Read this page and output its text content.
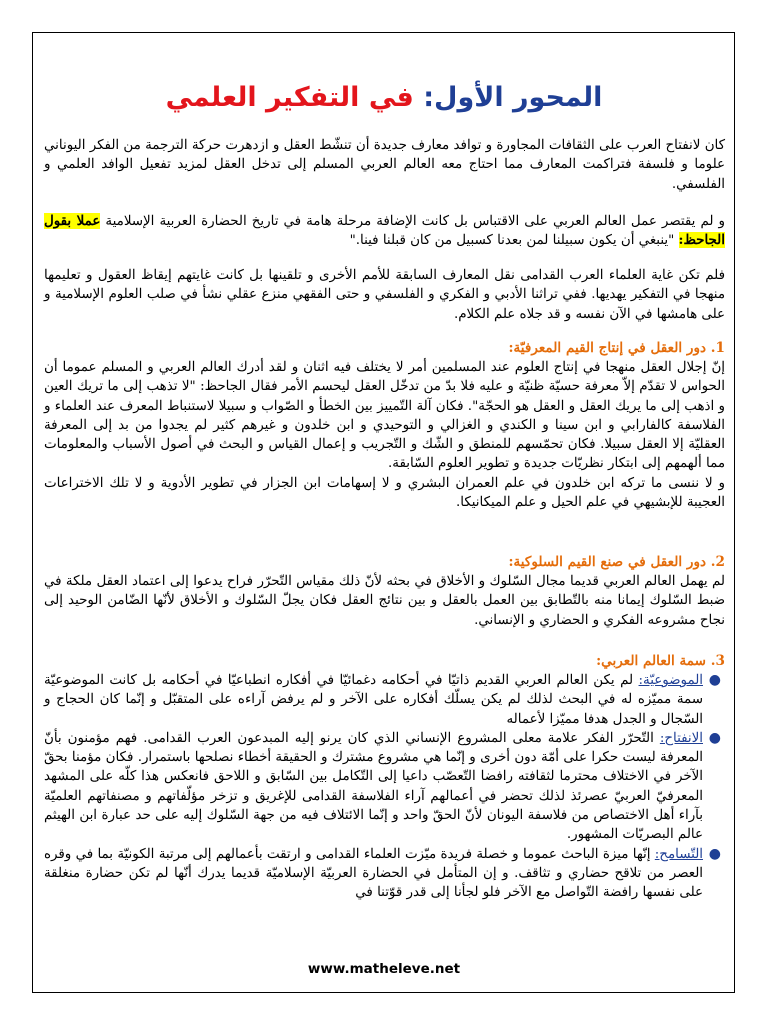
المحور الأول: في التفكير العلمي

كان لانفتاح العرب على الثقافات المجاورة و توافد معارف جديدة أن تنشّط العقل و ازدهرت حركة الترجمة من الفكر اليوناني علوما و فلسفة فتراكمت المعارف مما احتاج معه العالم العربي المسلم إلى تدخل العقل لمزيد تفعيل الوافد العلمي و الفلسفي.

و لم يقتصر عمل العالم العربي على الاقتباس بل كانت الإضافة مرحلة هامة في تاريخ الحضارة العربية الإسلامية عملا بقول الجاحظ: "ينبغي أن يكون سبيلنا لمن بعدنا كسبيل من كان قبلنا فينا."

فلم تكن غاية العلماء العرب القدامى نقل المعارف السابقة للأمم الأخرى و تلقينها بل كانت غايتهم إيقاظ العقول و تعليمها منهجا في التفكير يهديها. ففي تراثنا الأدبي و الفكري و الفلسفي و حتى الفقهي منزع عقلي نشأ في صلب العلوم الإسلامية و على هامشها في الآن نفسه و قد جلاه علم الكلام.

1. دور العقل في إنتاج القيم المعرفيّة:

إنّ إجلال العقل منهجا في إنتاج العلوم عند المسلمين أمر لا يختلف فيه اثنان و لقد أدرك العالم العربي و المسلم عموما أن الحواس لا تقدّم إلاّ معرفة حسيّة ظنيّة و عليه فلا بدّ من تدخّل العقل ليحسم الأمر فقال الجاحظ: "لا تذهب إلى ما تريك العين و اذهب إلى ما يريك العقل و العقل هو الحجّة". فكان آلة التّمييز بين الخطأ و الصّواب و سبيلا لاستنباط المعرف عند العلماء و الفلاسفة كالفارابي و ابن سينا و الكندي و الغزالي و التوحيدي و ابن خلدون و غيرهم كثير لم يجدوا من بد إلى المعرفة العقليّة إلا العقل سبيلا. فكان تحمّسهم للمنطق و الشّك و التّجريب و إعمال القياس و البحث في أصول الأسباب والمعلومات مما ألهمهم إلى ابتكار نظريّات جديدة و تطوير العلوم السّابقة.

و لا ننسى ما تركه ابن خلدون في علم العمران البشري و لا إسهامات ابن الجزار في تطوير الأدوية و لا تلك الاختراعات العجيبة للإبشيهي في علم الحيل و علم الميكانيكا.

2. دور العقل في صنع القيم السلوكية:

لم يهمل العالم العربي قديما مجال السّلوك و الأخلاق في بحثه لأنّ ذلك مقياس التّحرّر فراح يدعوا إلى اعتماد العقل ملكة في ضبط السّلوك إيمانا منه بالتّطابق بين العمل بالعقل و بين نتائج العقل فكان يجلّ السّلوك و الأخلاق لأنّها الضّامن الوحيد إلى نجاح مشروعه الفكري و الحضاري و الإنساني.

3. سمة العالم العربي:
●
الموضوعيّة: لم يكن العالم العربي القديم ذاتيّا في أحكامه دغمائيّا في أفكاره انطباعيّا في أحكامه بل كانت الموضوعيّة سمة مميّزه له في البحث لذلك لم يكن يسلّك أفكاره على الآخر و لم يرفض آراءه على المتقبّل و إنّما كان الحجاج و السّجال و الجدل هدفا مميّزا لأعماله
●
الانفتاح: التّحرّر الفكر علامة معلى المشروع الإنساني الذي كان يرنو إليه المبدعون العرب القدامى. فهم مؤمنون بأنّ المعرفة ليست حكرا على أمّة دون أخرى و إنّما هي مشروع مشترك و الحقيقة أخطاء نصلحها باستمرار. فكان مؤمنا بحقّ الآخر في الاختلاف محترما لثقافته رافضا التّعصّب داعيا إلى التّكامل بين السّابق و اللاحق فانعكس هذا كلّه على المشهد المعرفيّ العربيّ عصرئذ لذلك تحضر في أعمالهم آراء الفلاسفة القدامى للإغريق و تزخر مؤلّفاتهم و مصنفاتهم العلميّة بآراء أهل الاختصاص من فلاسفة اليونان لأنّ الحقّ واحد و إنّما الائتلاف فيه من جهة السّلوك إليه على حد عبارة ابن الهيثم عالم البصريّات المشهور.
●
التّسامح: إنّها ميزة الباحث عموما و خصلة فريدة ميّزت العلماء القدامى و ارتقت بأعمالهم إلى مرتبة الكونيّة بما في وقره العصر من تلاقح حضاري و تثاقف. و إن المتأمل في الحضارة العربيّة الإسلاميّة قديما يدرك أنّها لم تكن حضارة منغلقة على نفسها رافضة التّواصل مع الآخر فلو لجأنا إلى قدر قوّتنا في
www.matheleve.net
